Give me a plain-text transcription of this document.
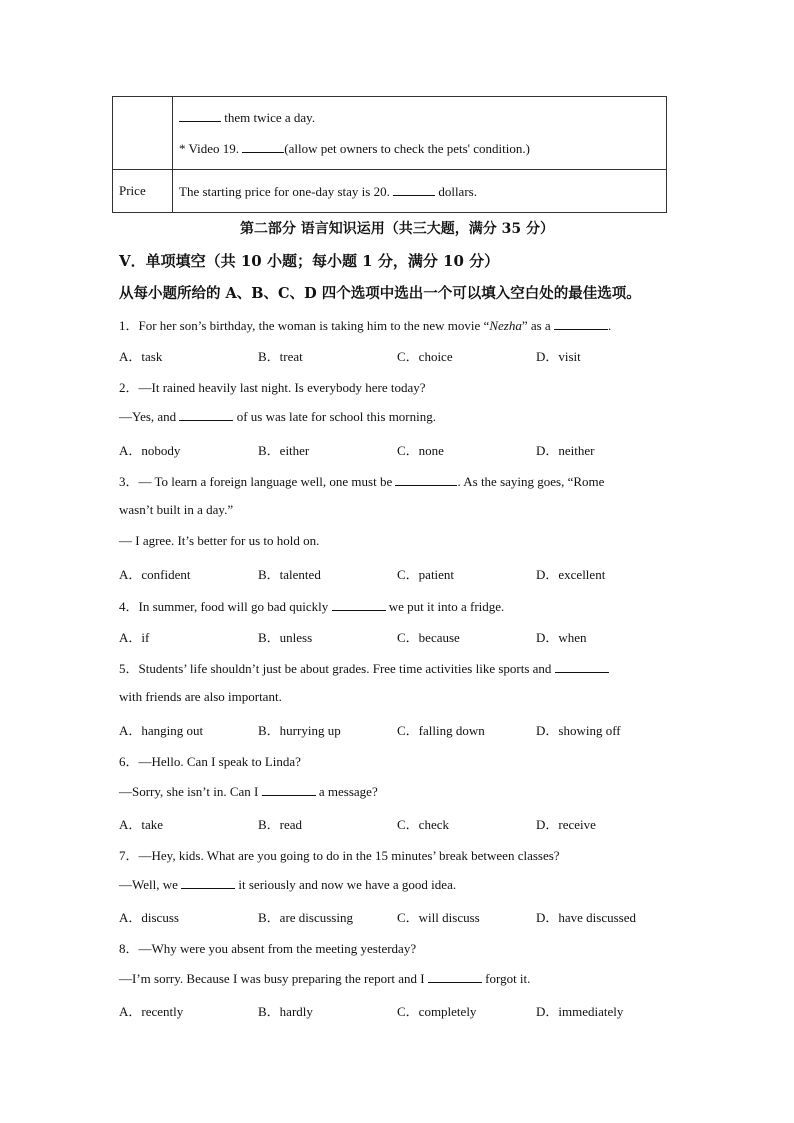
	them twice a day.
* Video 19. (allow pet owners to check the pets' condition.)

Price	The starting price for one-day stay is 20. dollars.
第二部分 语言知识运用（共三大题，满分 35 分）
Ⅴ．单项填空（共 10 小题；每小题 1 分，满分 10 分）
从每小题所给的 A、B、C、D 四个选项中选出一个可以填入空白处的最佳选项。
1．For her son’s birthday, the woman is taking him to the new movie “Nezha” as a	.
A．task	B．treat	C．choice	D．visit
2．—It rained heavily last night. Is everybody here today?
—Yes, and	of us was late for school this morning.
A．nobody	B．either	C．none	D．neither
3．— To learn a foreign language well, one must be	. As the saying goes, “Rome
wasn’t built in a day.”
— I agree. It’s better for us to hold on.
A．confident	B．talented	C．patient	D．excellent
4．In summer, food will go bad quickly	we put it into a fridge.
A．if	B．unless	C．because	D．when
5．Students’ life shouldn’t just be about grades. Free time activities like sports and
with friends are also important.
A．hanging out	B．hurrying up	C．falling down	D．showing off
6．—Hello. Can I speak to Linda?
—Sorry, she isn’t in. Can I	a message?
A．take	B．read	C．check	D．receive
7．—Hey, kids. What are you going to do in the 15 minutes’ break between classes?
—Well, we	it seriously and now we have a good idea.
A．discuss	B．are discussing	C．will discuss	D．have discussed
8．—Why were you absent from the meeting yesterday?
—I’m sorry. Because I was busy preparing the report and I	forgot it.
A．recently	B．hardly	C．completely	D．immediately
